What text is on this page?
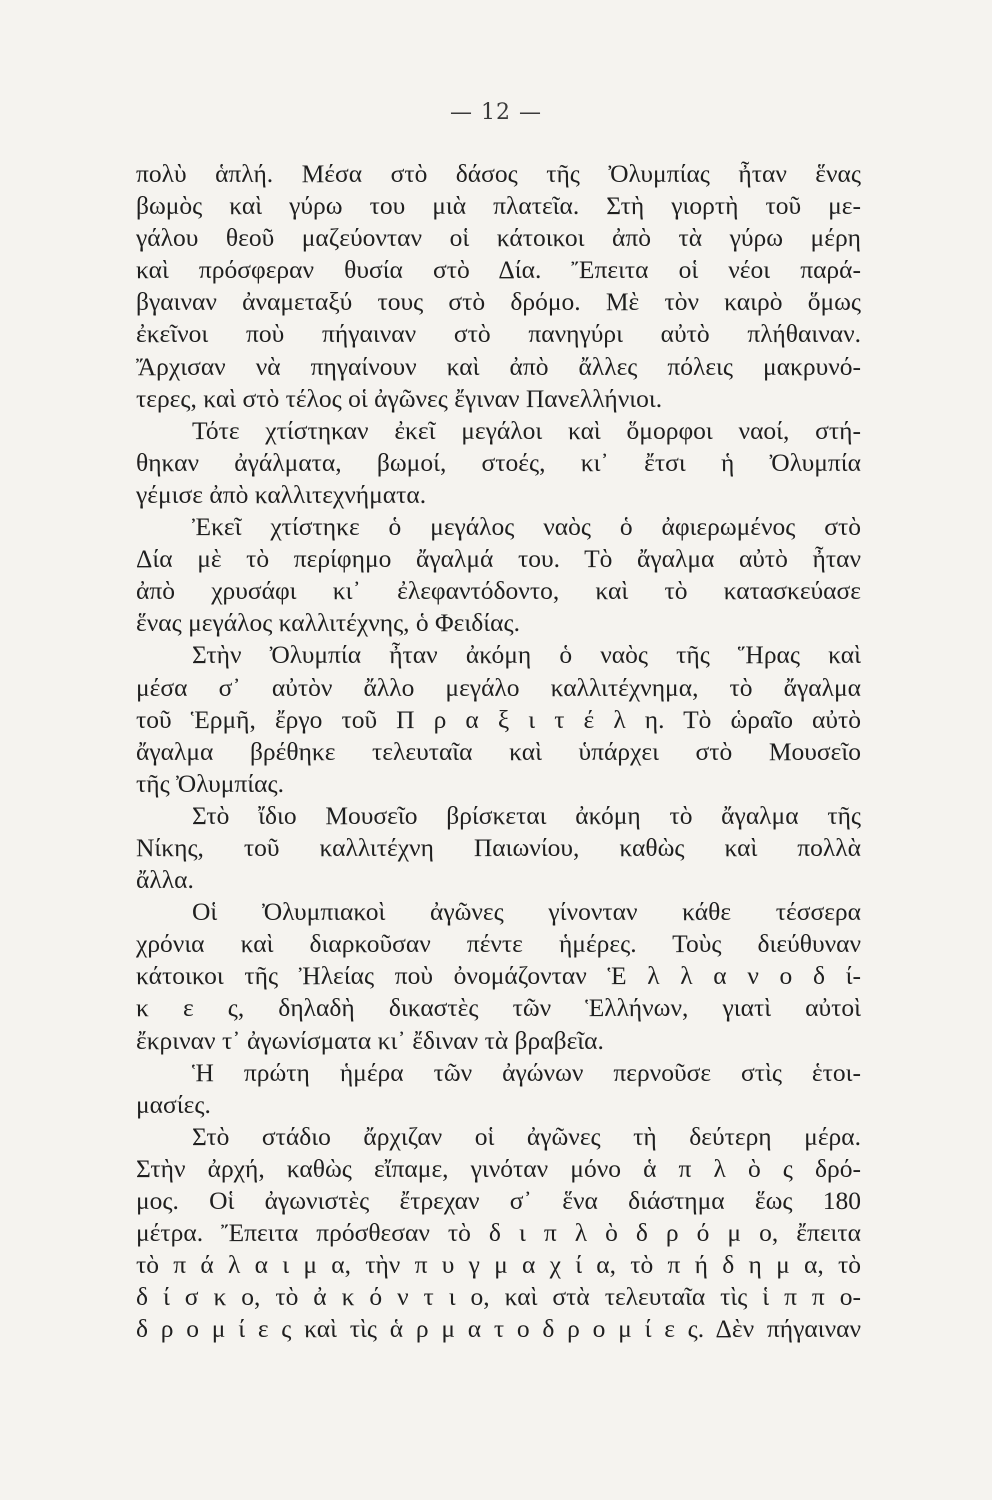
— 12 —
πολὺ ἁπλή. Μέσα στὸ δάσος τῆς Ὀλυμπίας ἦταν ἕνας
βωμὸς καὶ γύρω του μιὰ πλατεῖα. Στὴ γιορτὴ τοῦ με-
γάλου θεοῦ μαζεύονταν οἱ κάτοικοι ἀπὸ τὰ γύρω μέρη
καὶ πρόσφεραν θυσία στὸ Δία. Ἔπειτα οἱ νέοι παρά-
βγαιναν ἀναμεταξύ τους στὸ δρόμο. Μὲ τὸν καιρὸ ὅμως
ἐκεῖνοι ποὺ πήγαιναν στὸ πανηγύρι αὐτὸ πλήθαιναν.
Ἄρχισαν νὰ πηγαίνουν καὶ ἀπὸ ἄλλες πόλεις μακρυνό-
τερες, καὶ στὸ τέλος οἱ ἀγῶνες ἔγιναν Πανελλήνιοι.
Τότε χτίστηκαν ἐκεῖ μεγάλοι καὶ ὅμορφοι ναοί, στή-
θηκαν ἀγάλματα, βωμοί, στοές, κι᾿ ἔτσι ἡ Ὀλυμπία
γέμισε ἀπὸ καλλιτεχνήματα.
Ἐκεῖ χτίστηκε ὁ μεγάλος ναὸς ὁ ἀφιερωμένος στὸ
Δία μὲ τὸ περίφημο ἄγαλμά του. Τὸ ἄγαλμα αὐτὸ ἦταν
ἀπὸ χρυσάφι κι᾿ ἐλεφαντόδοντο, καὶ τὸ κατασκεύασε
ἕνας μεγάλος καλλιτέχνης, ὁ Φειδίας.
Στὴν Ὀλυμπία ἦταν ἀκόμη ὁ ναὸς τῆς Ἥρας καὶ
μέσα σ᾿ αὐτὸν ἄλλο μεγάλο καλλιτέχνημα, τὸ ἄγαλμα
τοῦ Ἑρμῆ, ἔργο τοῦ Π ρ α ξ ι τ έ λ η. Τὸ ὡραῖο αὐτὸ
ἄγαλμα βρέθηκε τελευταῖα καὶ ὑπάρχει στὸ Μουσεῖο
τῆς Ὀλυμπίας.
Στὸ ἴδιο Μουσεῖο βρίσκεται ἀκόμη τὸ ἄγαλμα τῆς
Νίκης, τοῦ καλλιτέχνη Παιωνίου, καθὼς καὶ πολλὰ
ἄλλα.
Οἱ Ὀλυμπιακοὶ ἀγῶνες γίνονταν κάθε τέσσερα
χρόνια καὶ διαρκοῦσαν πέντε ἡμέρες. Τοὺς διεύθυναν
κάτοικοι τῆς Ἠλείας ποὺ ὀνομάζονταν Ἑ λ λ α ν ο δ ί-
κ ε ς, δηλαδὴ δικαστὲς τῶν Ἑλλήνων, γιατὶ αὐτοὶ
ἔκριναν τ᾿ ἀγωνίσματα κι᾿ ἔδιναν τὰ βραβεῖα.
Ἡ πρώτη ἡμέρα τῶν ἀγώνων περνοῦσε στὶς ἑτοι-
μασίες.
Στὸ στάδιο ἄρχιζαν οἱ ἀγῶνες τὴ δεύτερη μέρα.
Στὴν ἀρχή, καθὼς εἴπαμε, γινόταν μόνο ἁ π λ ὸ ς δρό-
μος. Οἱ ἀγωνιστὲς ἔτρεχαν σ᾿ ἕνα διάστημα ἕως 180
μέτρα. Ἔπειτα πρόσθεσαν τὸ δ ι π λ ὸ δ ρ ό μ ο, ἔπειτα
τὸ π ά λ α ι μ α, τὴν π υ γ μ α χ ί α, τὸ π ή δ η μ α, τὸ
δ ί σ κ ο, τὸ ἀ κ ό ν τ ι ο, καὶ στὰ τελευταῖα τὶς ἱ π π ο-
δ ρ ο μ ί ε ς καὶ τὶς ἁ ρ μ α τ ο δ ρ ο μ ί ε ς. Δὲν πήγαιναν
